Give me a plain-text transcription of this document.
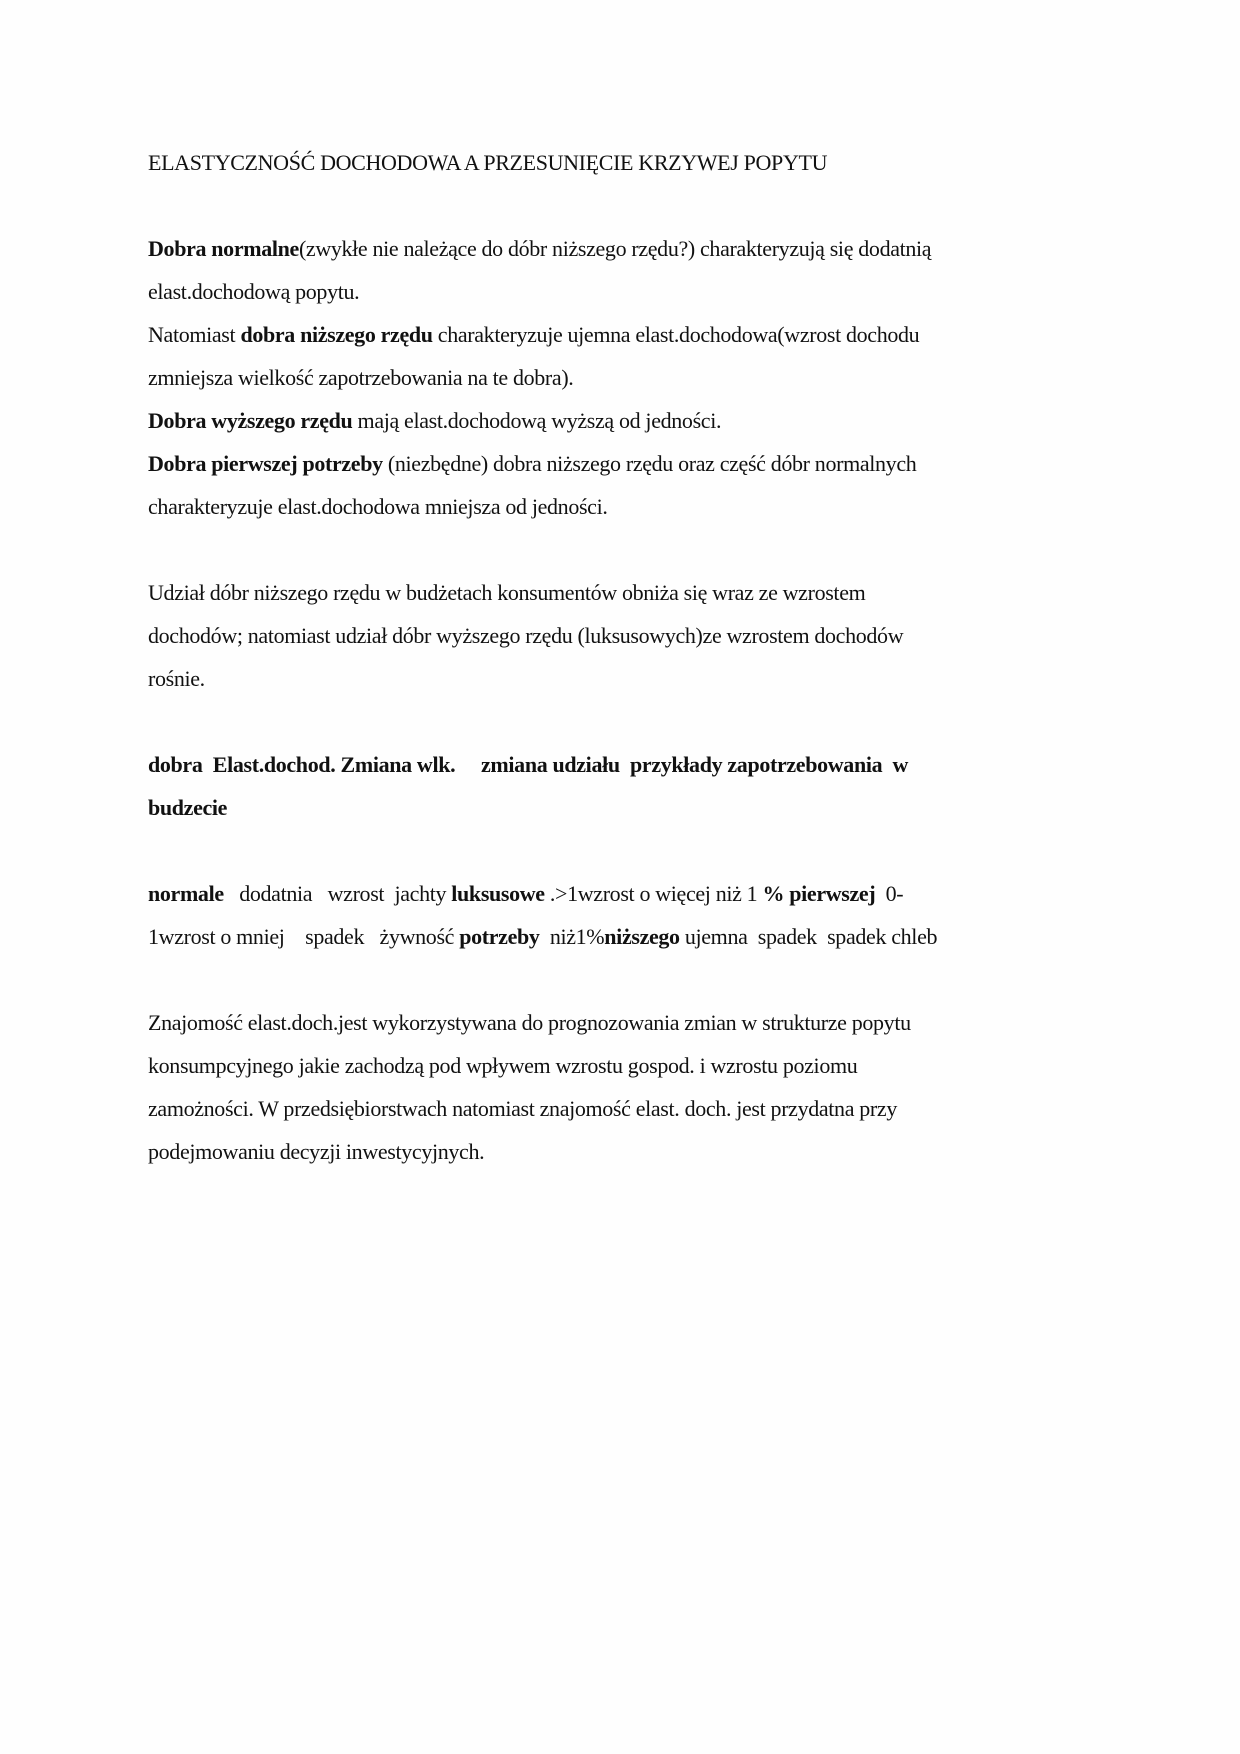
ELASTYCZNOŚĆ DOCHODOWA A PRZESUNIĘCIE KRZYWEJ POPYTU
Dobra normalne(zwykłe nie należące do dóbr niższego rzędu?) charakteryzują się dodatnią
elast.dochodową popytu.
Natomiast dobra niższego rzędu charakteryzuje ujemna elast.dochodowa(wzrost dochodu
zmniejsza wielkość zapotrzebowania na te dobra).
Dobra wyższego rzędu mają elast.dochodową wyższą od jedności.
Dobra pierwszej potrzeby (niezbędne) dobra niższego rzędu oraz część dóbr normalnych
charakteryzuje elast.dochodowa mniejsza od jedności.
Udział dóbr niższego rzędu w budżetach konsumentów obniża się wraz ze wzrostem
dochodów; natomiast udział dóbr wyższego rzędu (luksusowych)ze wzrostem dochodów
rośnie.
dobra  Elast.dochod. Zmiana wlk.     zmiana udziału  przykłady zapotrzebowania  w
budzecie
normale   dodatnia   wzrost  jachty luksusowe .>1wzrost o więcej niż 1 % pierwszej  0-
1wzrost o mniej    spadek   żywność potrzeby  niż1%niższego ujemna  spadek  spadek chleb
Znajomość elast.doch.jest wykorzystywana do prognozowania zmian w strukturze popytu
konsumpcyjnego jakie zachodzą pod wpływem wzrostu gospod. i wzrostu poziomu
zamożności. W przedsiębiorstwach natomiast znajomość elast. doch. jest przydatna przy
podejmowaniu decyzji inwestycyjnych.
